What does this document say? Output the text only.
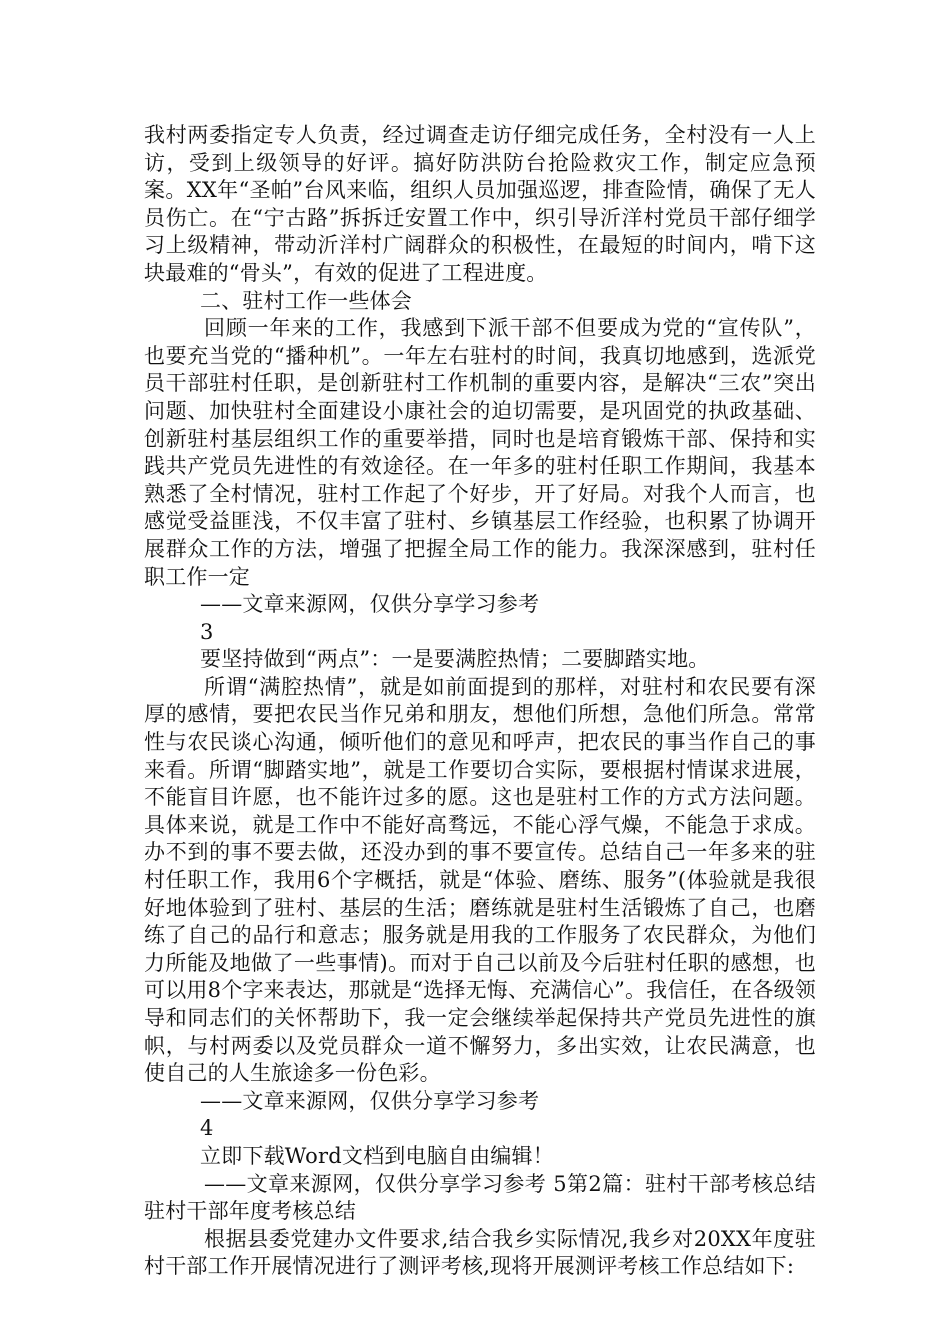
我村两委指定专人负责，经过调查走访仔细完成任务，全村没有一人上访，受到上级领导的好评。搞好防洪防台抢险救灾工作，制定应急预案。XX年“圣帕”台风来临，组织人员加强巡逻，排查险情，确保了无人员伤亡。在“宁古路”拆拆迁安置工作中，织引导沂洋村党员干部仔细学习上级精神，带动沂洋村广阔群众的积极性，在最短的时间内，啃下这块最难的“骨头”，有效的促进了工程进度。

二、驻村工作一些体会

回顾一年来的工作，我感到下派干部不但要成为党的“宣传队”，也要充当党的“播种机”。一年左右驻村的时间，我真切地感到，选派党员干部驻村任职，是创新驻村工作机制的重要内容，是解决“三农”突出问题、加快驻村全面建设小康社会的迫切需要，是巩固党的执政基础、创新驻村基层组织工作的重要举措，同时也是培育锻炼干部、保持和实践共产党员先进性的有效途径。在一年多的驻村任职工作期间，我基本熟悉了全村情况，驻村工作起了个好步，开了好局。对我个人而言，也感觉受益匪浅，不仅丰富了驻村、乡镇基层工作经验，也积累了协调开展群众工作的方法，增强了把握全局工作的能力。我深深感到，驻村任职工作一定

——文章来源网，仅供分享学习参考

3

要坚持做到“两点”：一是要满腔热情；二要脚踏实地。

所谓“满腔热情”，就是如前面提到的那样，对驻村和农民要有深厚的感情，要把农民当作兄弟和朋友，想他们所想，急他们所急。常常性与农民谈心沟通，倾听他们的意见和呼声，把农民的事当作自己的事来看。所谓“脚踏实地”，就是工作要切合实际，要根据村情谋求进展，不能盲目许愿，也不能许过多的愿。这也是驻村工作的方式方法问题。具体来说，就是工作中不能好高骛远，不能心浮气燥，不能急于求成。办不到的事不要去做，还没办到的事不要宣传。总结自己一年多来的驻村任职工作，我用6个字概括，就是“体验、磨练、服务”(体验就是我很好地体验到了驻村、基层的生活；磨练就是驻村生活锻炼了自己，也磨练了自己的品行和意志；服务就是用我的工作服务了农民群众，为他们力所能及地做了一些事情)。而对于自己以前及今后驻村任职的感想，也可以用8个字来表达，那就是“选择无悔、充满信心”。我信任，在各级领导和同志们的关怀帮助下，我一定会继续举起保持共产党员先进性的旗帜，与村两委以及党员群众一道不懈努力，多出实效，让农民满意，也使自己的人生旅途多一份色彩。

——文章来源网，仅供分享学习参考

4

立即下载Word文档到电脑自由编辑！

——文章来源网，仅供分享学习参考 5第2篇：驻村干部考核总结驻村干部年度考核总结

根据县委党建办文件要求,结合我乡实际情况,我乡对20XX年度驻村干部工作开展情况进行了测评考核,现将开展测评考核工作总结如下:
